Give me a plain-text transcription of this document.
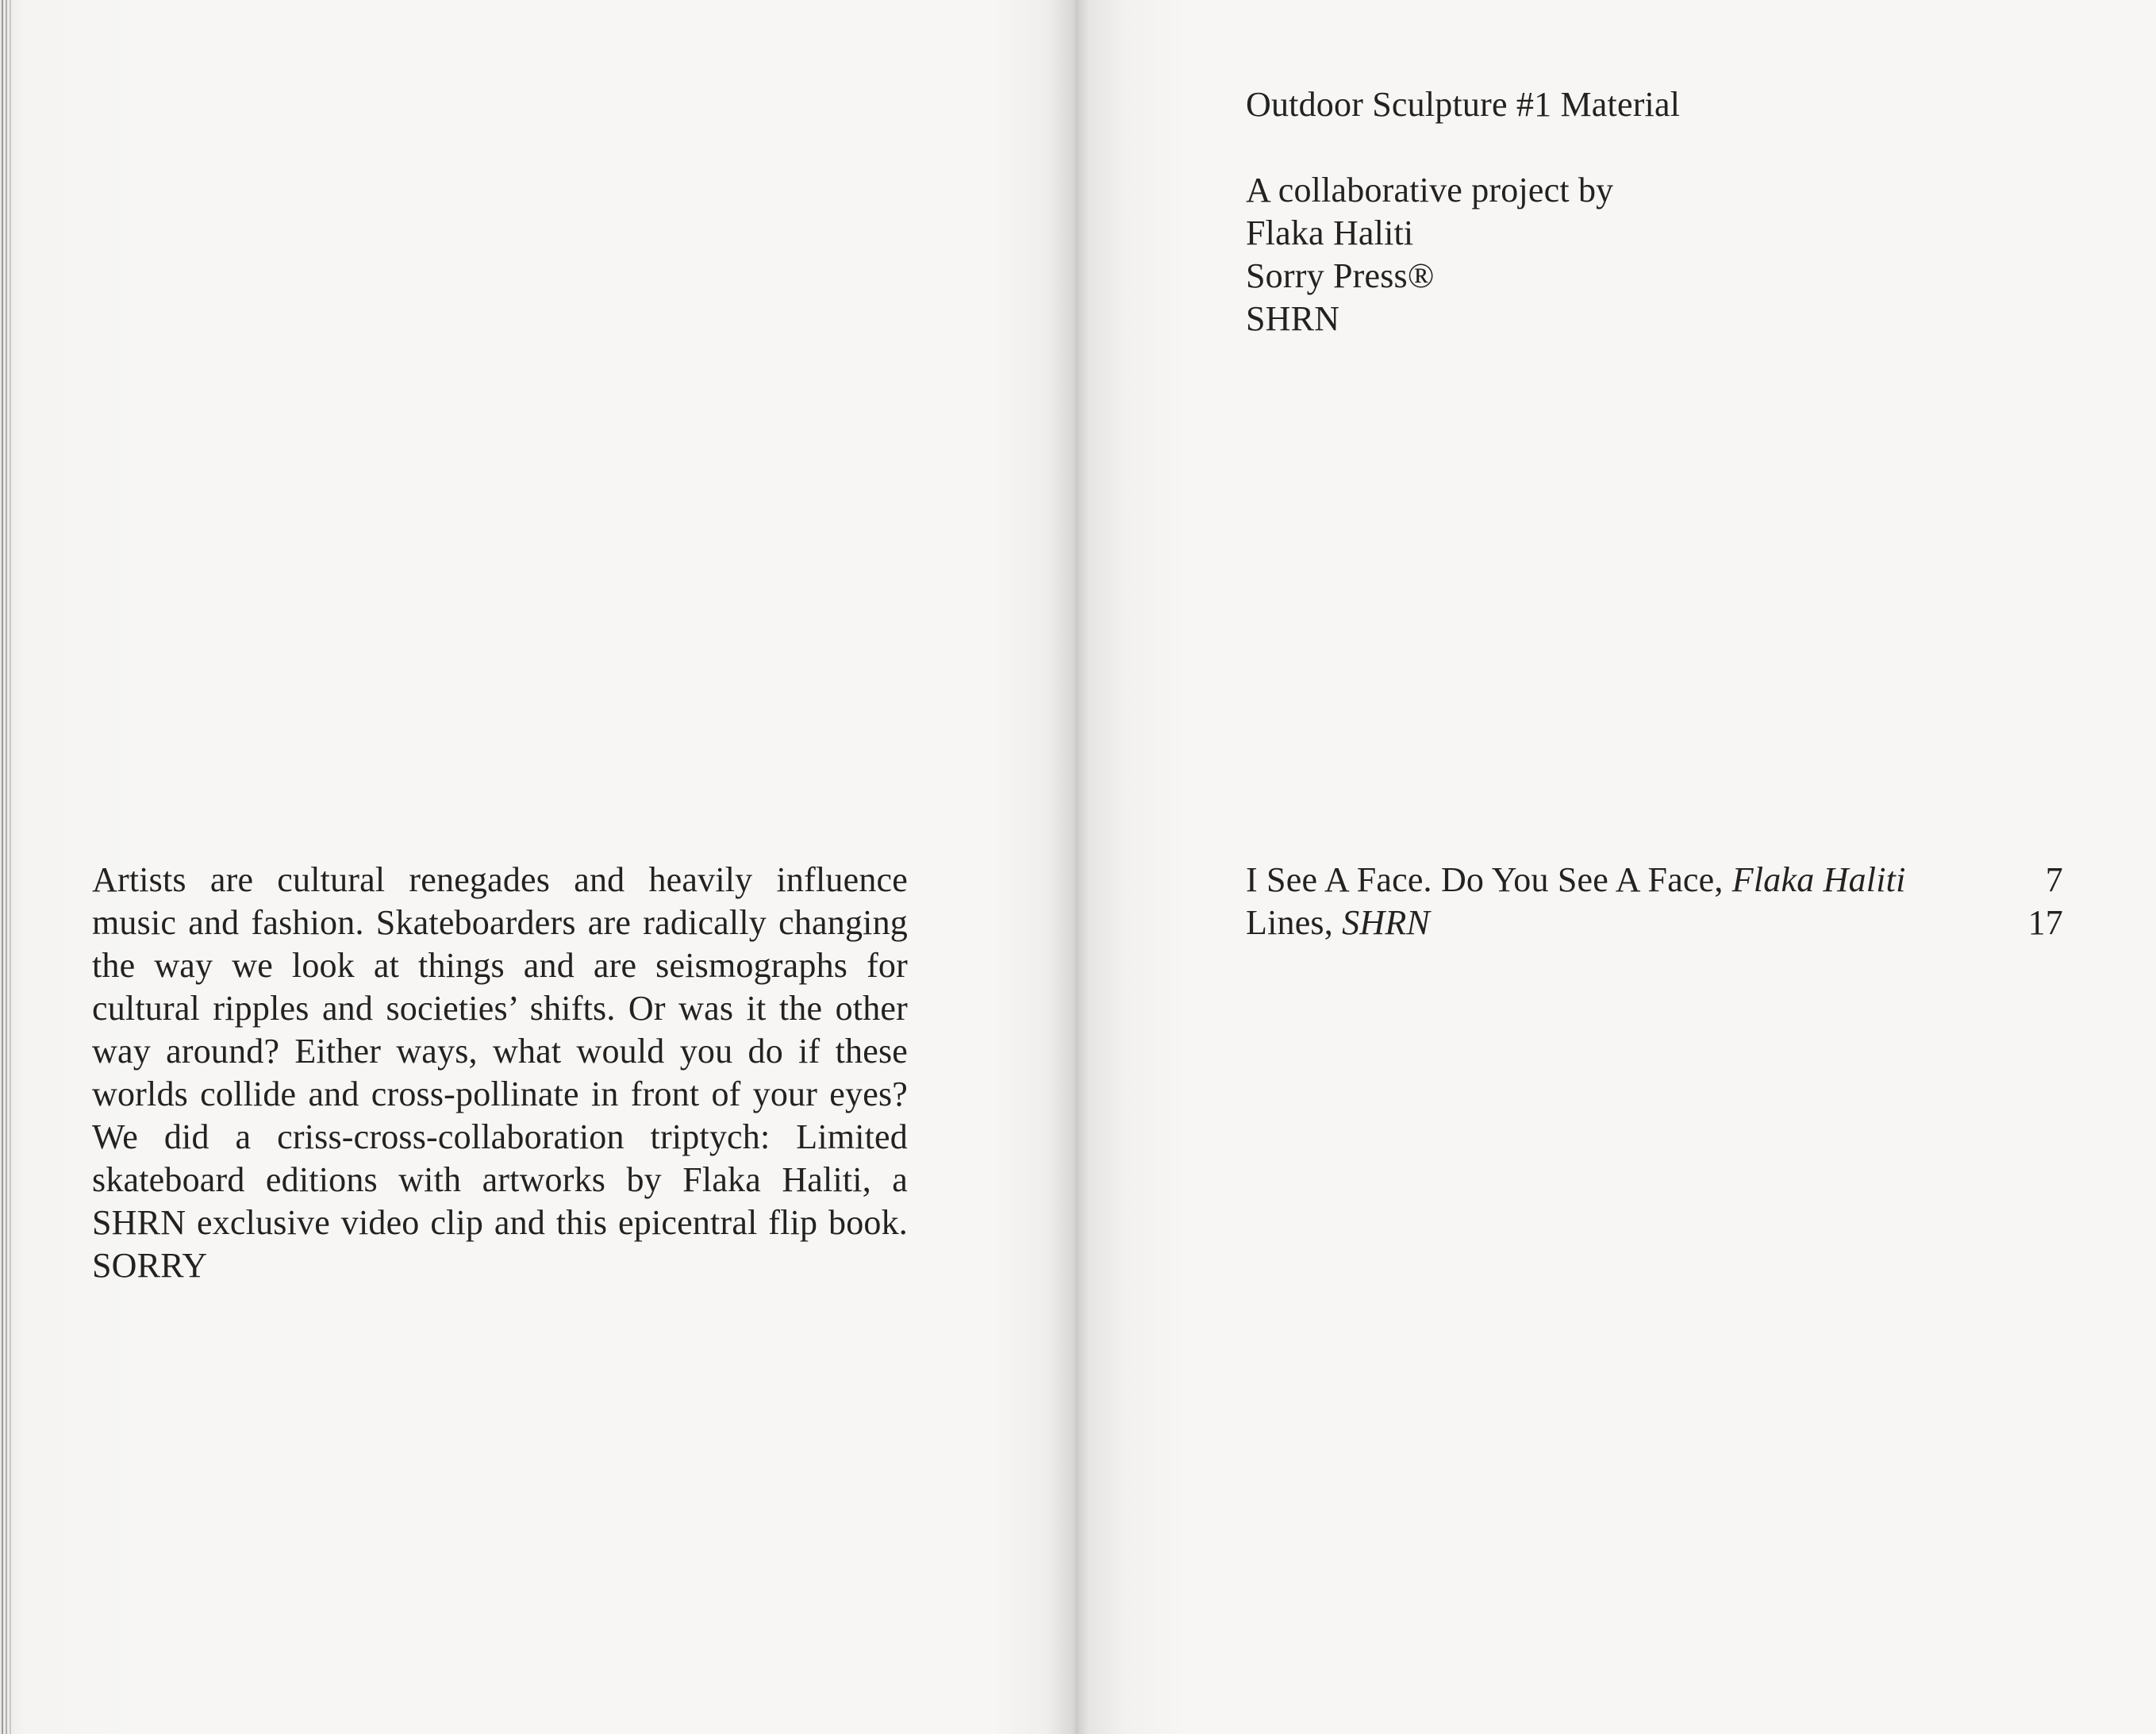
Artists are cultural renegades and heavily influence music and fashion. Skateboarders are radically changing the way we look at things and are seismographs for cultural ripples and societies’ shifts. Or was it the other way around? Either ways, what would you do if these worlds collide and cross-pollinate in front of your eyes? We did a criss-cross-collaboration triptych: Limited skateboard editions with artworks by Flaka Haliti, a SHRN exclusive video clip and this epicentral flip book. SORRY

Outdoor Sculpture #1 Material
A collaborative project by
Flaka Haliti
Sorry Press®
SHRN
I See A Face. Do You See A Face, Flaka Haliti	7
Lines, SHRN	17
